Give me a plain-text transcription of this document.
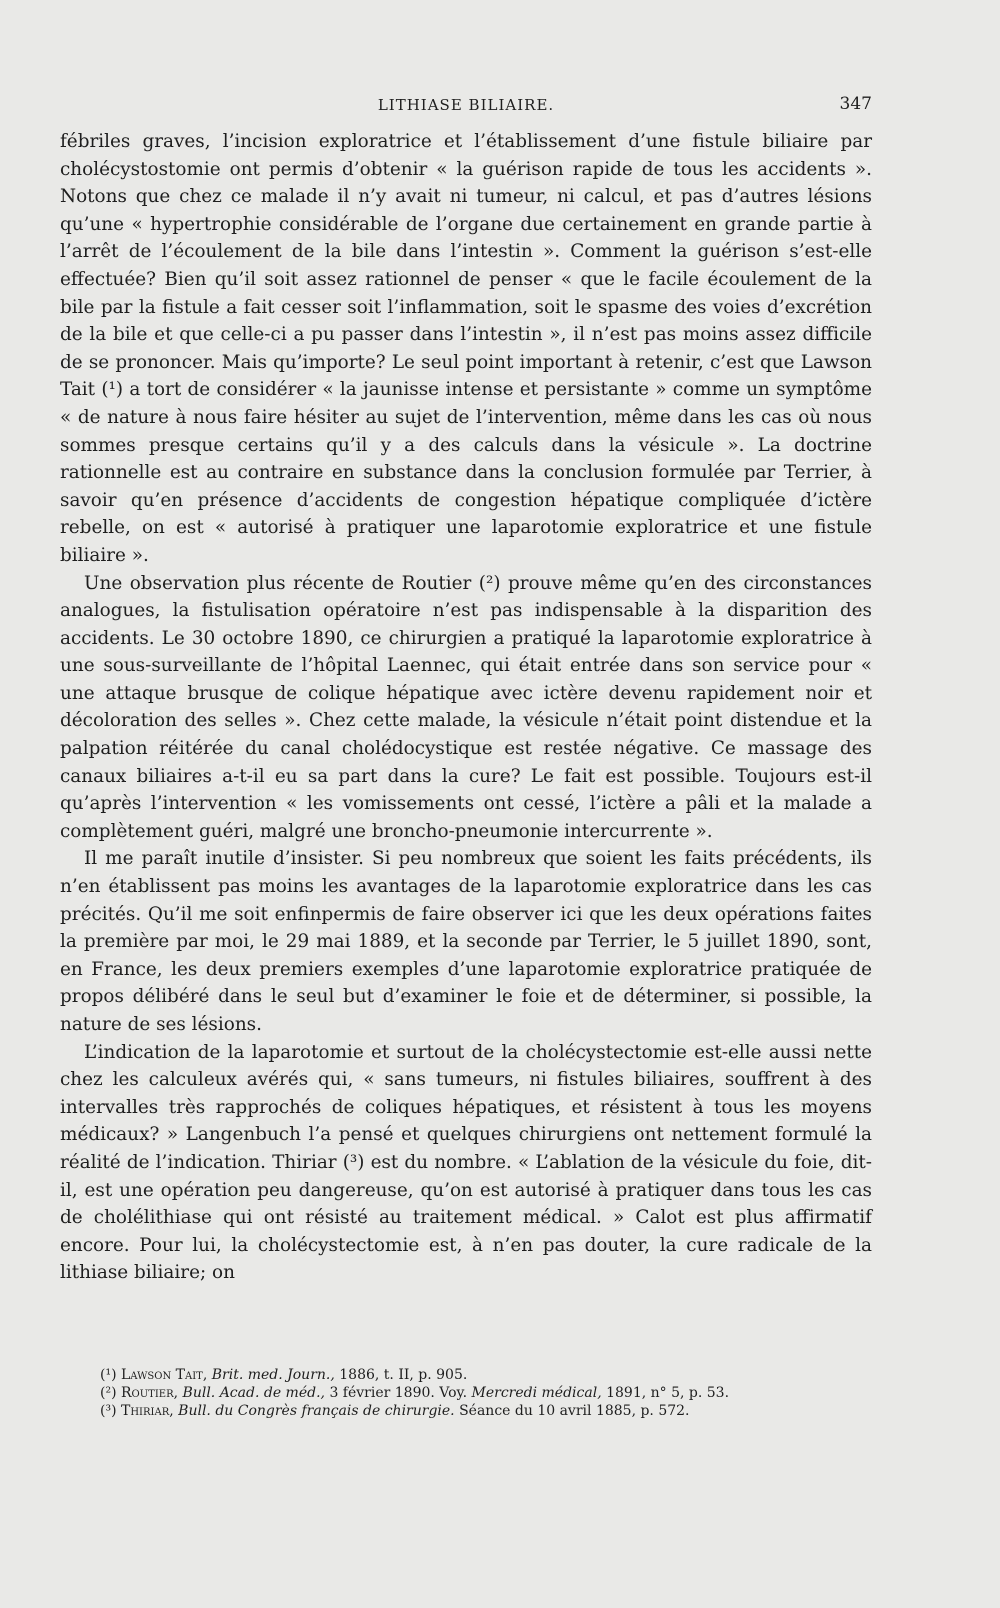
LITHIASE BILIAIRE.	347

fébriles graves, l’incision exploratrice et l’établissement d’une fistule biliaire par cholécystostomie ont permis d’obtenir « la guérison rapide de tous les accidents ». Notons que chez ce malade il n’y avait ni tumeur, ni calcul, et pas d’autres lésions qu’une « hypertrophie considérable de l’organe due certainement en grande partie à l’arrêt de l’écoulement de la bile dans l’intestin ». Comment la guérison s’est-elle effectuée? Bien qu’il soit assez rationnel de penser « que le facile écoulement de la bile par la fistule a fait cesser soit l’inflammation, soit le spasme des voies d’excrétion de la bile et que celle-ci a pu passer dans l’intestin », il n’est pas moins assez difficile de se prononcer. Mais qu’importe? Le seul point important à retenir, c’est que Lawson Tait (¹) a tort de considérer « la jaunisse intense et persistante » comme un symptôme « de nature à nous faire hésiter au sujet de l’intervention, même dans les cas où nous sommes presque certains qu’il y a des calculs dans la vésicule ». La doctrine rationnelle est au contraire en substance dans la conclusion formulée par Terrier, à savoir qu’en présence d’accidents de congestion hépatique compliquée d’ictère rebelle, on est « autorisé à pratiquer une laparotomie exploratrice et une fistule biliaire ».

Une observation plus récente de Routier (²) prouve même qu’en des circonstances analogues, la fistulisation opératoire n’est pas indispensable à la disparition des accidents. Le 30 octobre 1890, ce chirurgien a pratiqué la laparotomie exploratrice à une sous-surveillante de l’hôpital Laennec, qui était entrée dans son service pour « une attaque brusque de colique hépatique avec ictère devenu rapidement noir et décoloration des selles ». Chez cette malade, la vésicule n’était point distendue et la palpation réitérée du canal cholédocystique est restée négative. Ce massage des canaux biliaires a-t-il eu sa part dans la cure? Le fait est possible. Toujours est-il qu’après l’intervention « les vomissements ont cessé, l’ictère a pâli et la malade a complètement guéri, malgré une broncho-pneumonie intercurrente ».

Il me paraît inutile d’insister. Si peu nombreux que soient les faits précédents, ils n’en établissent pas moins les avantages de la laparotomie exploratrice dans les cas précités. Qu’il me soit enfinpermis de faire observer ici que les deux opérations faites la première par moi, le 29 mai 1889, et la seconde par Terrier, le 5 juillet 1890, sont, en France, les deux premiers exemples d’une laparotomie exploratrice pratiquée de propos délibéré dans le seul but d’examiner le foie et de déterminer, si possible, la nature de ses lésions.

L’indication de la laparotomie et surtout de la cholécystectomie est-elle aussi nette chez les calculeux avérés qui, « sans tumeurs, ni fistules biliaires, souffrent à des intervalles très rapprochés de coliques hépatiques, et résistent à tous les moyens médicaux? » Langenbuch l’a pensé et quelques chirurgiens ont nettement formulé la réalité de l’indication. Thiriar (³) est du nombre. « L’ablation de la vésicule du foie, dit-il, est une opération peu dangereuse, qu’on est autorisé à pratiquer dans tous les cas de cholélithiase qui ont résisté au traitement médical. » Calot est plus affirmatif encore. Pour lui, la cholécystectomie est, à n’en pas douter, la cure radicale de la lithiase biliaire; on

(¹) Lawson Tait, Brit. med. Journ., 1886, t. II, p. 905.

(²) Routier, Bull. Acad. de méd., 3 février 1890. Voy. Mercredi médical, 1891, n° 5, p. 53.

(³) Thiriar, Bull. du Congrès français de chirurgie. Séance du 10 avril 1885, p. 572.
